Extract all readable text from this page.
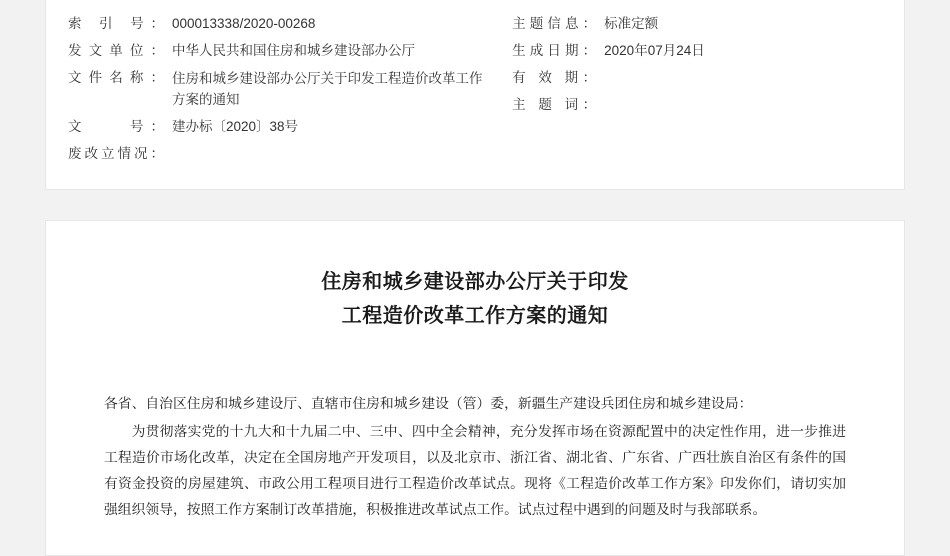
索 引 号： 000013338/2020-00268
发文单位： 中华人民共和国住房和城乡建设部办公厅
文件名称： 住房和城乡建设部办公厅关于印发工程造价改革工作方案的通知
文　　号： 建办标〔2020〕38号
废改立情况：
主题信息： 标准定额
生成日期： 2020年07月24日
有 效 期：
主 题 词：
住房和城乡建设部办公厅关于印发
工程造价改革工作方案的通知

各省、自治区住房和城乡建设厅、直辖市住房和城乡建设（管）委，新疆生产建设兵团住房和城乡建设局：

为贯彻落实党的十九大和十九届二中、三中、四中全会精神，充分发挥市场在资源配置中的决定性作用，进一步推进工程造价市场化改革，决定在全国房地产开发项目，以及北京市、浙江省、湖北省、广东省、广西壮族自治区有条件的国有资金投资的房屋建筑、市政公用工程项目进行工程造价改革试点。现将《工程造价改革工作方案》印发你们，请切实加强组织领导，按照工作方案制订改革措施，积极推进改革试点工作。试点过程中遇到的问题及时与我部联系。
